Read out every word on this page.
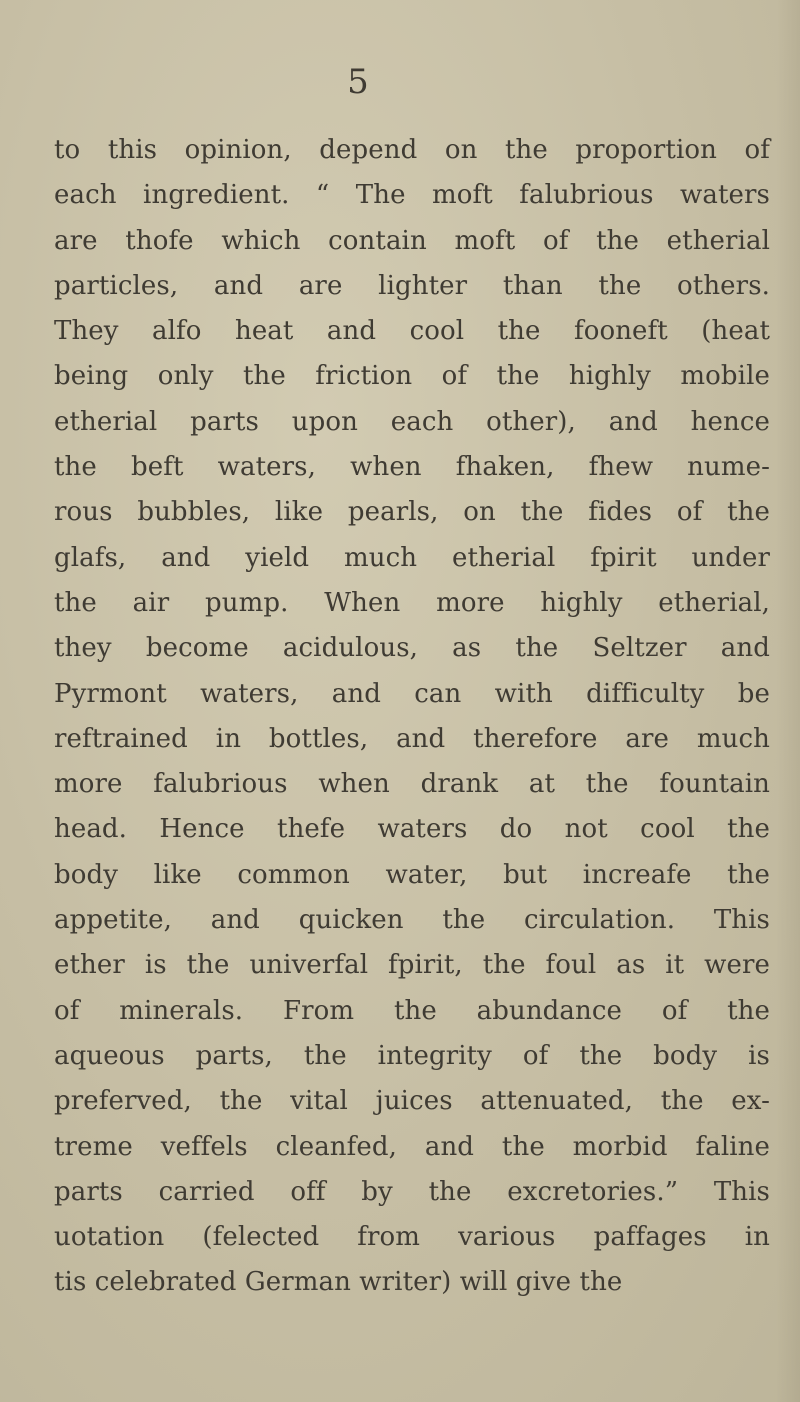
5
to this opinion, depend on the proportion of
each ingredient. “ The moft falubrious waters
are thofe which contain moft of the etherial
particles, and are lighter than the others.
They alfo heat and cool the fooneft (heat
being only the friction of the highly mobile
etherial parts upon each other), and hence
the beft waters, when fhaken, fhew nume-
rous bubbles, like pearls, on the fides of the
glafs, and yield much etherial fpirit under
the air pump. When more highly etherial,
they become acidulous, as the Seltzer and
Pyrmont waters, and can with difficulty be
reftrained in bottles, and therefore are much
more falubrious when drank at the fountain
head. Hence thefe waters do not cool the
body like common water, but increafe the
appetite, and quicken the circulation. This
ether is the univerfal fpirit, the foul as it were
of minerals. From the abundance of the
aqueous parts, the integrity of the body is
preferved, the vital juices attenuated, the ex-
treme veffels cleanfed, and the morbid faline
parts carried off by the excretories.” This
uotation (felected from various paffages in
tis celebrated German writer) will give the
